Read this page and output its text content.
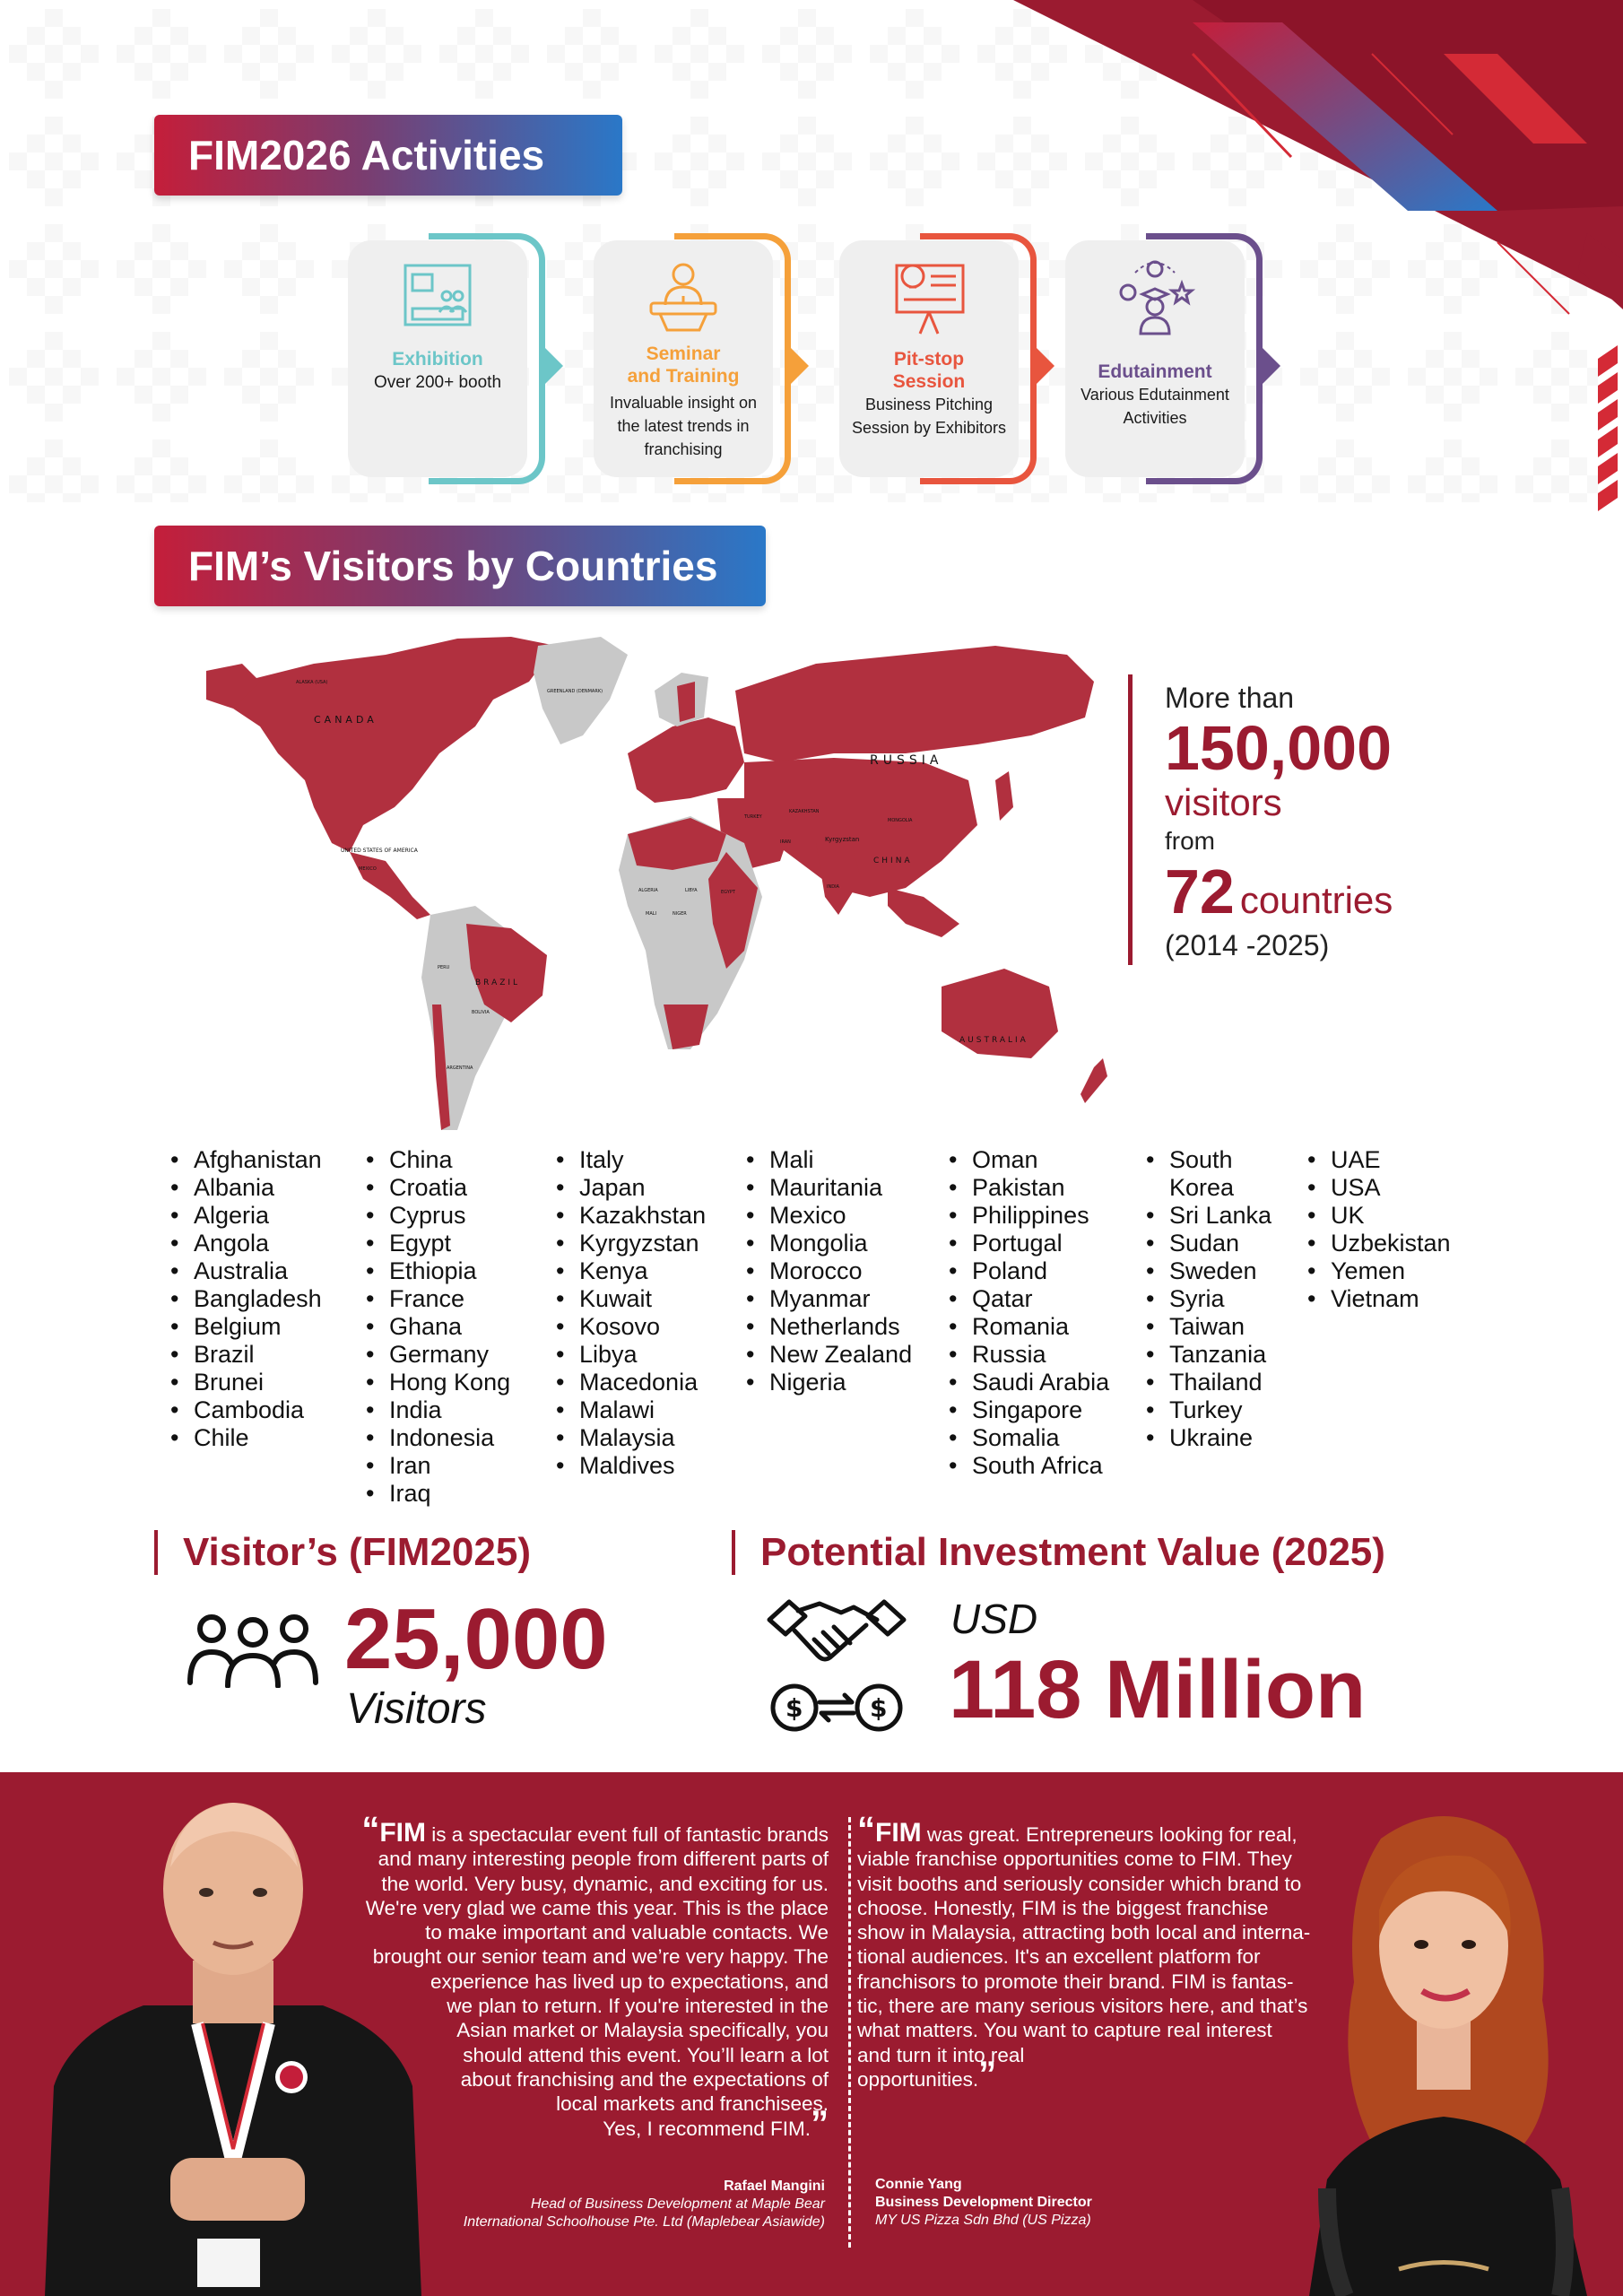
FIM2026 Activities
Exhibition
Over 200+ booth
Seminar
and Training
Invaluable insight on
the latest trends in
franchising
Pit-stop
Session
Business Pitching
Session by Exhibitors
Edutainment
Various Edutainment
Activities
FIM’s Visitors by Countries
CANADA
UNITED STATES OF AMERICA
GREENLAND (DENMARK)
RUSSIA
CHINA
KAZAKHSTAN
MONGOLIA
BRAZIL
AUSTRALIA
ALGERIA	LIBYA	EGYPT
ARGENTINA
BOLIVIA
ALASKA (USA)
Kyrgyzstan
TURKEY
IRAN
INDIA
PERU
MEXICO
NIGER
MALI
More than
150,000
visitors
from
72 countries
(2014 -2025)
• Afghanistan
• Albania
• Algeria
• Angola
• Australia
• Bangladesh
• Belgium
• Brazil
• Brunei
• Cambodia
• Chile
• China
• Croatia
• Cyprus
• Egypt
• Ethiopia
• France
• Ghana
• Germany
• Hong Kong
• India
• Indonesia
• Iran
• Iraq
• Italy
• Japan
• Kazakhstan
• Kyrgyzstan
• Kenya
• Kuwait
• Kosovo
• Libya
• Macedonia
• Malawi
• Malaysia
• Maldives
• Mali
• Mauritania
• Mexico
• Mongolia
• Morocco
• Myanmar
• Netherlands
• New Zealand
• Nigeria
• Oman
• Pakistan
• Philippines
• Portugal
• Poland
• Qatar
• Romania
• Russia
• Saudi Arabia
• Singapore
• Somalia
• South Africa
• South
Korea
• Sri Lanka
• Sudan
• Sweden
• Syria
• Taiwan
• Tanzania
• Thailand
• Turkey
• Ukraine
• UAE
• USA
• UK
• Uzbekistan
• Yemen
• Vietnam
Visitor’s (FIM2025)
25,000
Visitors
Potential Investment Value (2025)
$	$
USD
118 Million
“FIM is a spectacular event full of fantastic brands
and many interesting people from different parts of
the world. Very busy, dynamic, and exciting for us.
We're very glad we came this year. This is the place
to make important and valuable contacts. We
brought our senior team and we’re very happy. The
experience has lived up to expectations, and
we plan to return. If you're interested in the
Asian market or Malaysia specifically, you
should attend this event. You’ll learn a lot
about franchising and the expectations of
local markets and franchisees.
Yes, I recommend FIM.”
Rafael Mangini
Head of Business Development at Maple Bear
International Schoolhouse Pte. Ltd (Maplebear Asiawide)
“FIM was great. Entrepreneurs looking for real,
viable franchise opportunities come to FIM. They
visit booths and seriously consider which brand to
choose. Honestly, FIM is the biggest franchise
show in Malaysia, attracting both local and interna-
tional audiences. It's an excellent platform for
franchisors to promote their brand. FIM is fantas-
tic, there are many serious visitors here, and that’s
what matters. You want to capture real interest
and turn it into real
opportunities.”
Connie Yang
Business Development Director
MY US Pizza Sdn Bhd (US Pizza)
